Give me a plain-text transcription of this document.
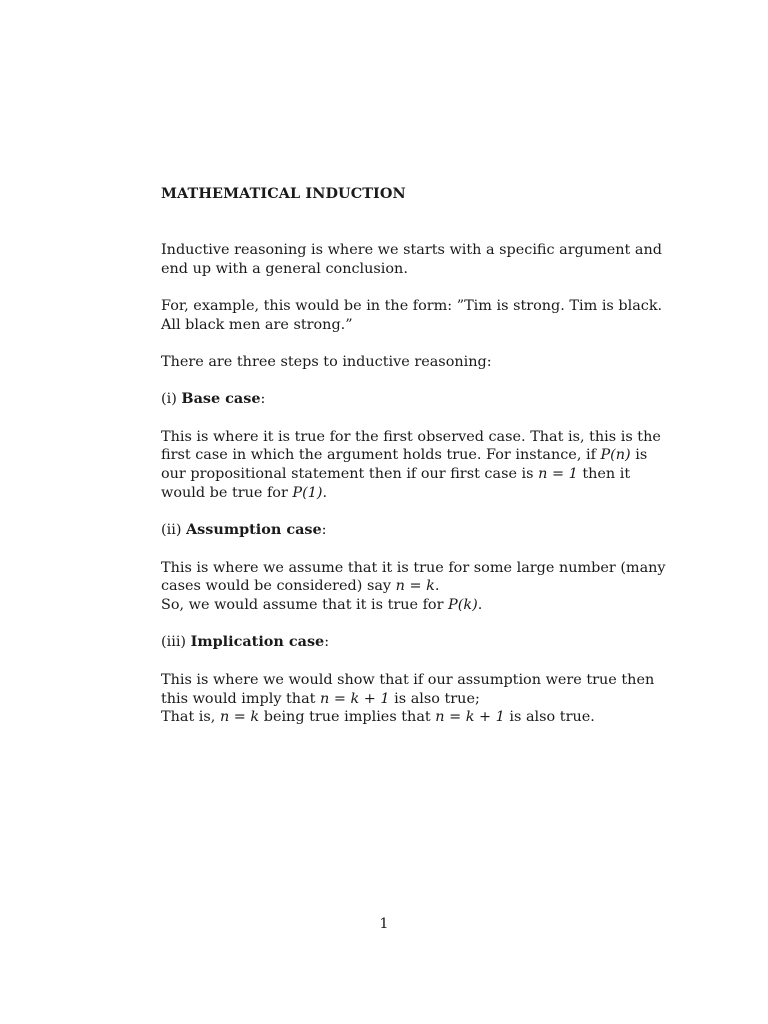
MATHEMATICAL INDUCTION

Inductive reasoning is where we starts with a specific argument and end up with a general conclusion.

For, example, this would be in the form: ”Tim is strong. Tim is black. All black men are strong.”

There are three steps to inductive reasoning:

(i) Base case:

This is where it is true for the first observed case. That is, this is the first case in which the argument holds true. For instance, if P(n) is our propositional statement then if our first case is n = 1 then it would be true for P(1).

(ii) Assumption case:

This is where we assume that it is true for some large number (many cases would be considered) say n = k.
So, we would assume that it is true for P(k).

(iii) Implication case:

This is where we would show that if our assumption were true then this would imply that n = k + 1 is also true;
That is, n = k being true implies that n = k + 1 is also true.

1
